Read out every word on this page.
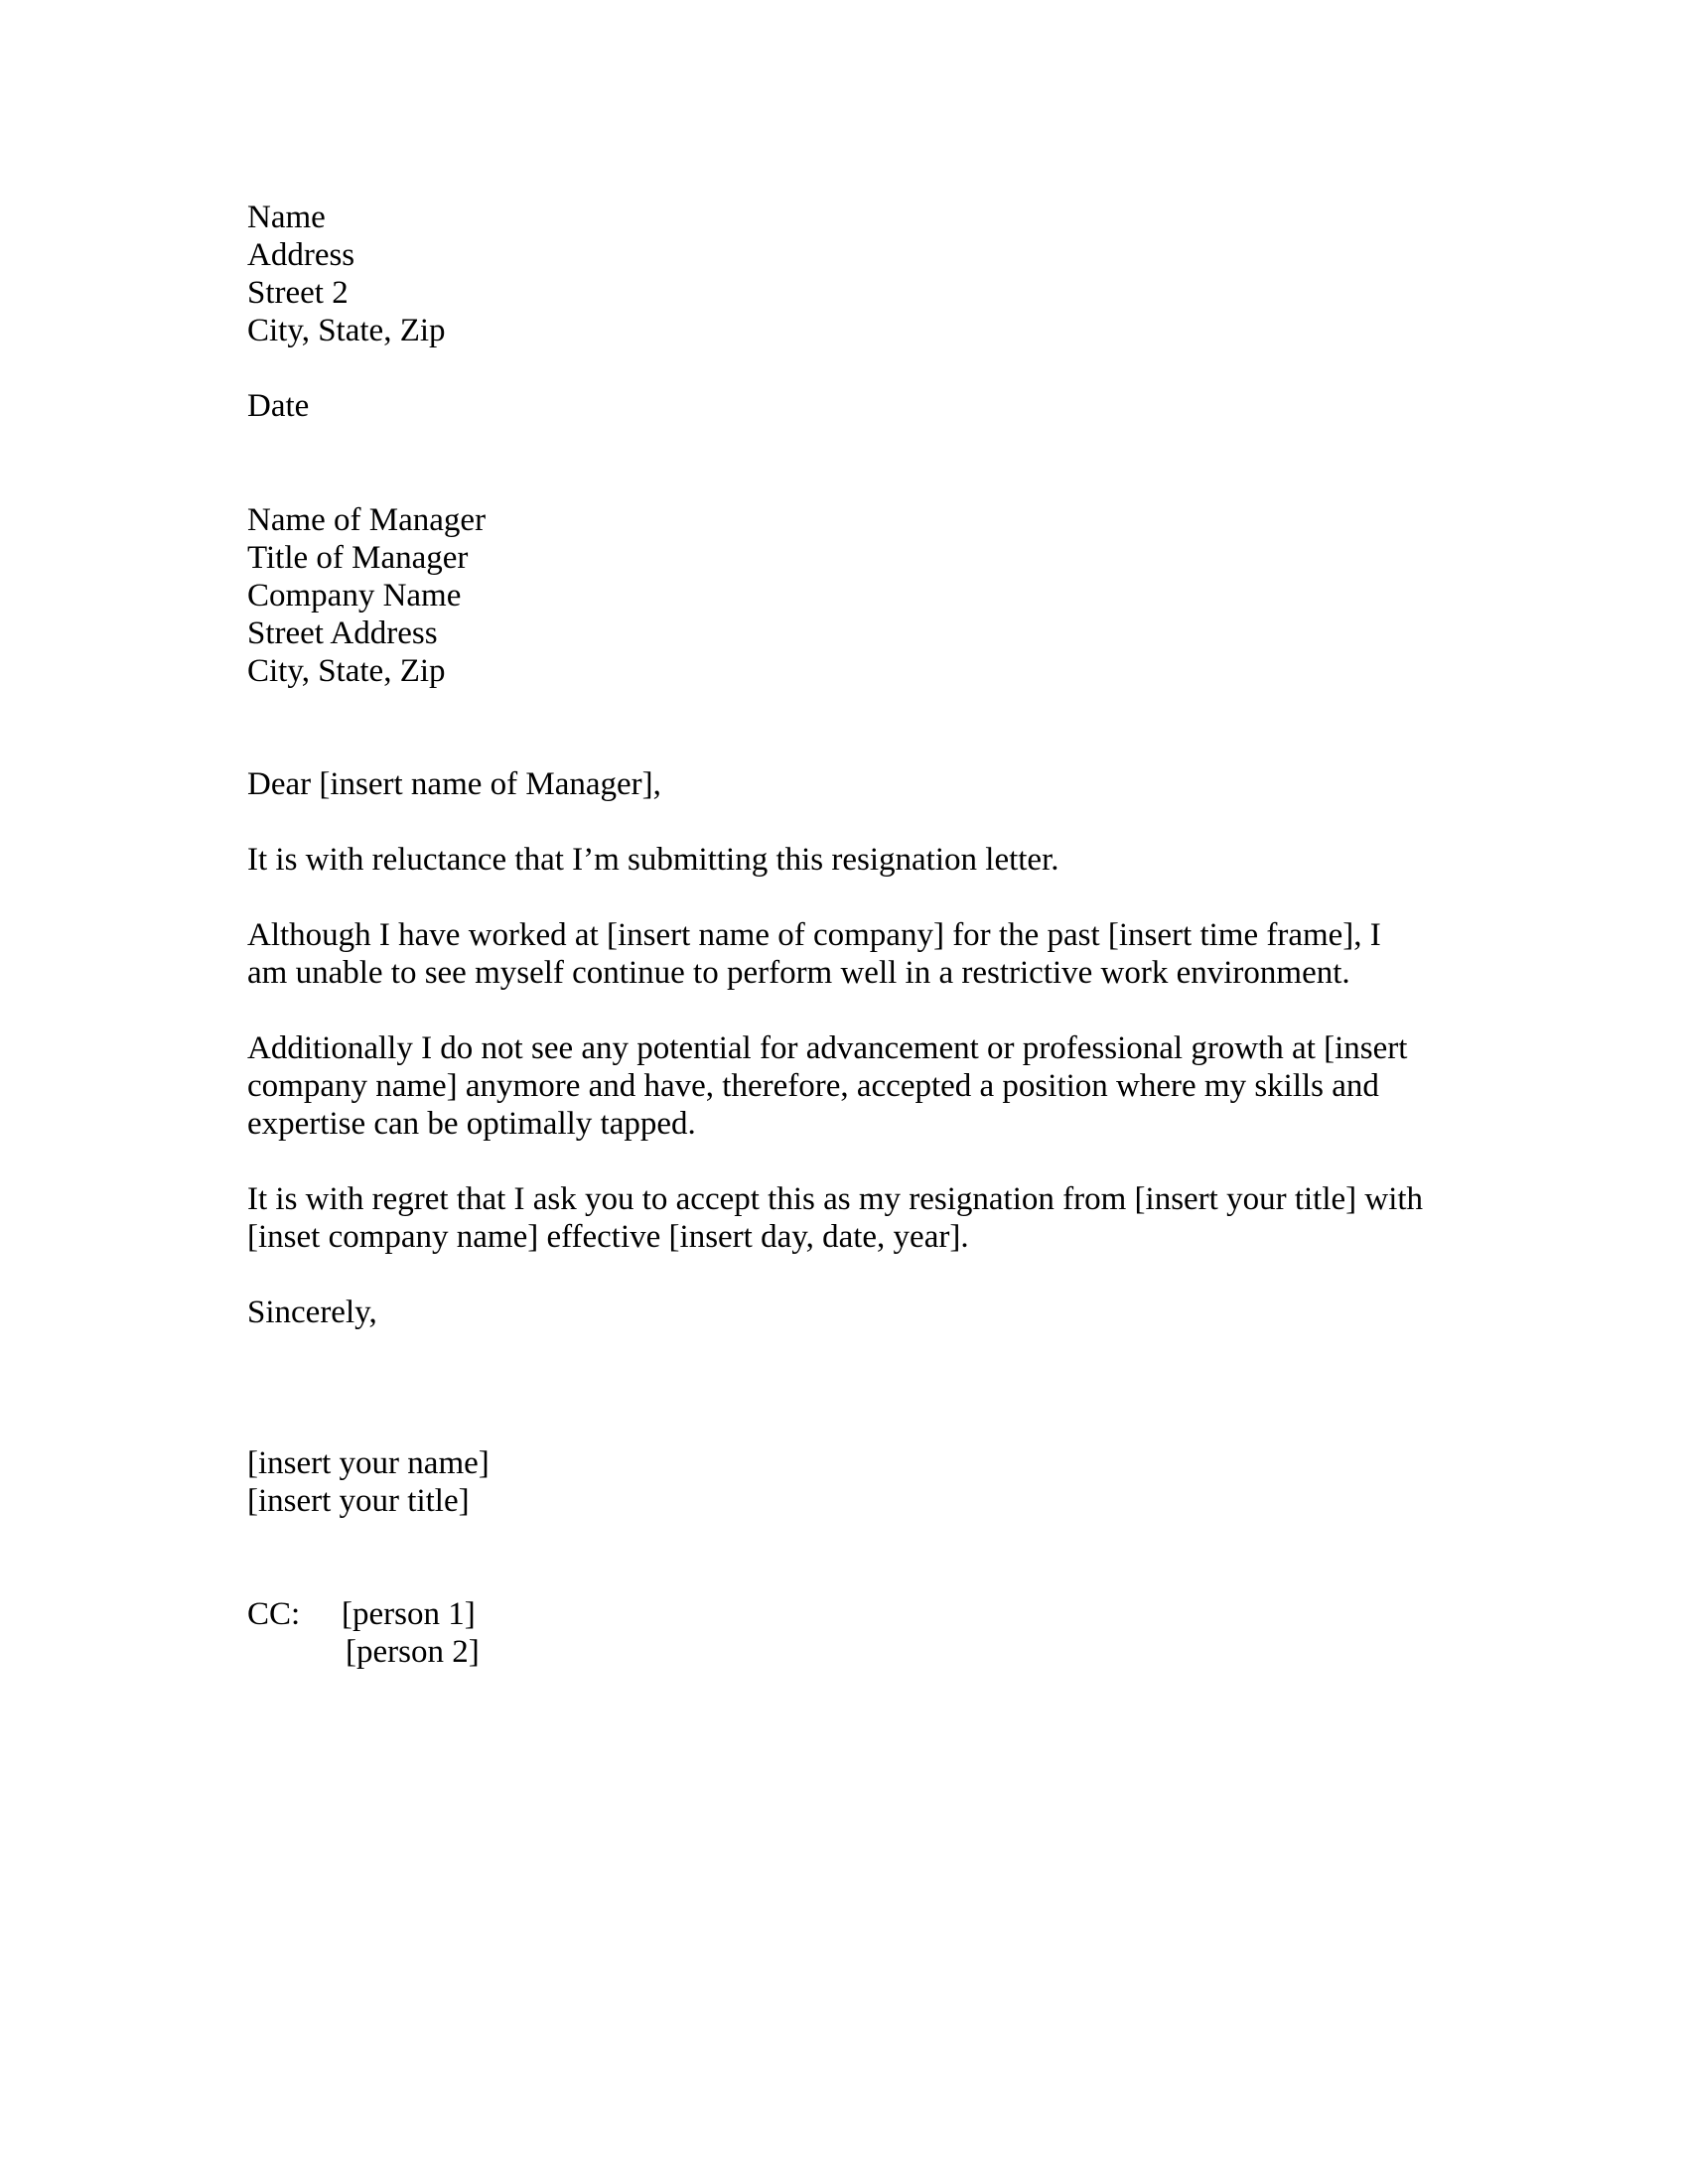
Name
Address
Street 2
City, State, Zip
Date
Name of Manager
Title of Manager
Company Name
Street Address
City, State, Zip
Dear [insert name of Manager],
It is with reluctance that I’m submitting this resignation letter.
Although I have worked at [insert name of company] for the past [insert time frame], I
am unable to see myself continue to perform well in a restrictive work environment.
Additionally I do not see any potential for advancement or professional growth at [insert
company name] anymore and have, therefore, accepted a position where my skills and
expertise can be optimally tapped.
It is with regret that I ask you to accept this as my resignation from [insert your title] with
[inset company name] effective [insert day, date, year].
Sincerely,
[insert your name]
[insert your title]
CC: [person 1]
[person 2]
